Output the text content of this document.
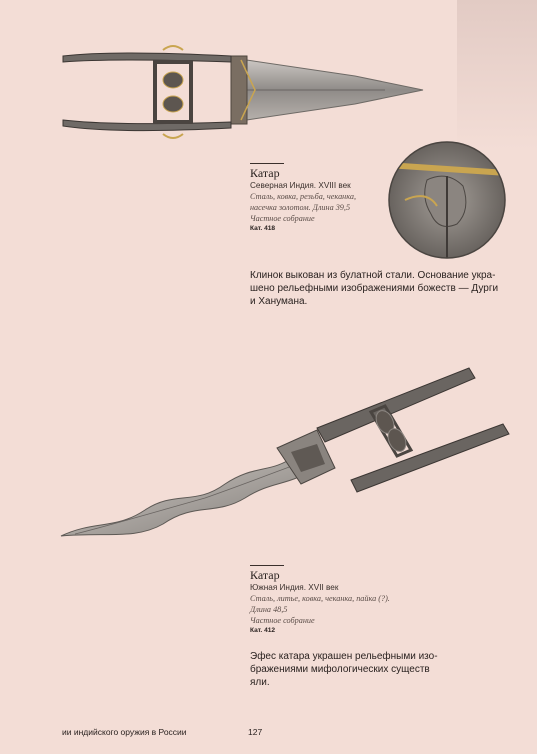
Катар
Северная Индия. XVIII век
Сталь, ковка, резьба, чеканка,
насечка золотом. Длина 39,5
Частное собрание
Кат. 418
Клинок выкован из булатной стали. Основание укра-
шено рельефными изображениями божеств — Дурги
и Ханумана.
Катар
Южная Индия. XVII век
Сталь, литье, ковка, чеканка, пайка (?).
Длина 48,5
Частное собрание
Кат. 412
Эфес катара украшен рельефными изо-
бражениями мифологических существ
яли.
ии индийского оружия в России	127
